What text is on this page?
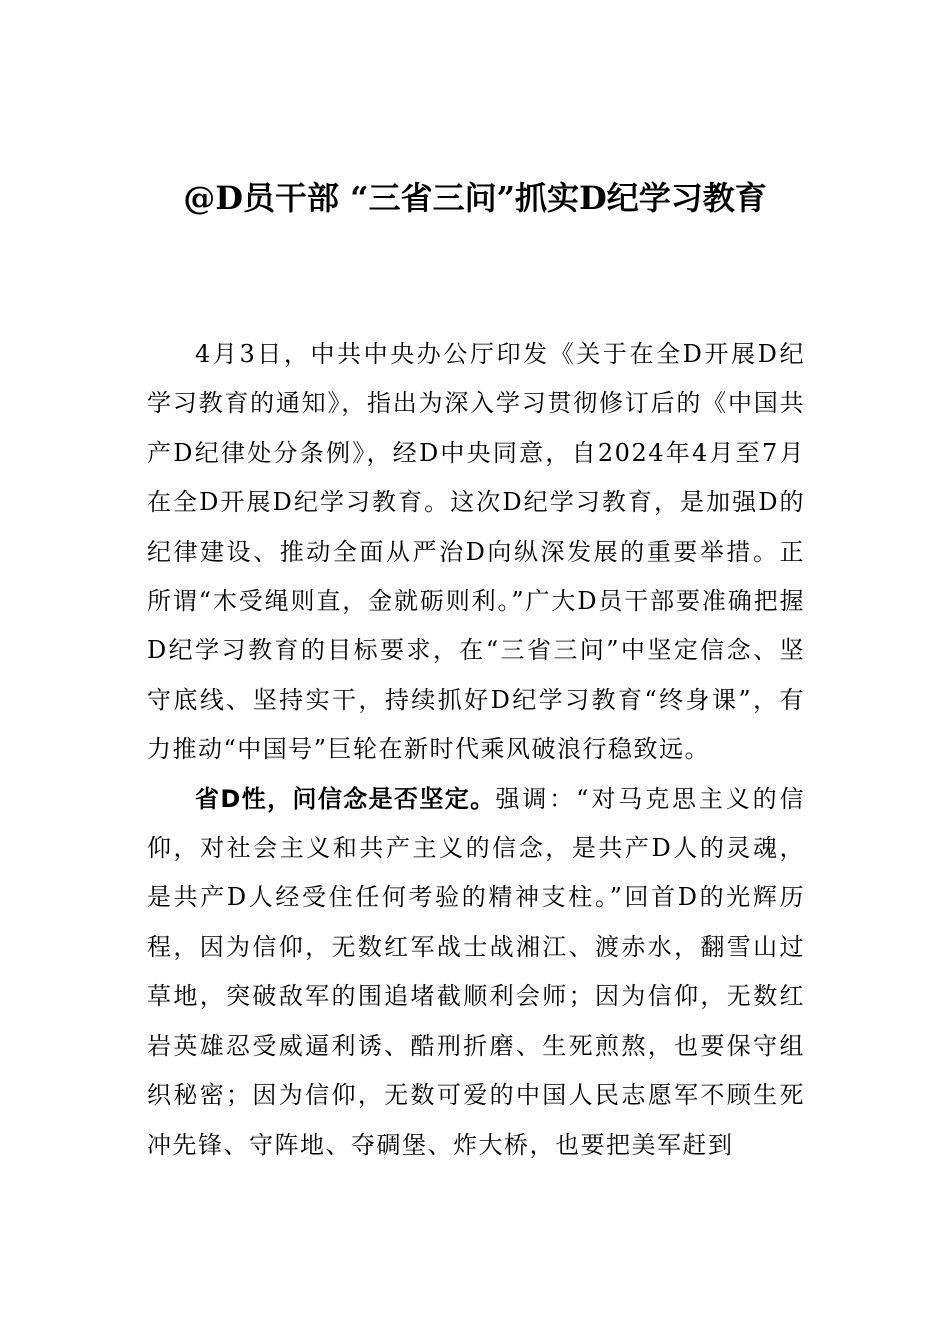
@D员干部 “三省三问”抓实D纪学习教育

4月3日，中共中央办公厅印发《关于在全D开展D纪学习教育的通知》，指出为深入学习贯彻修订后的《中国共产D纪律处分条例》，经D中央同意，自2024年4月至7月在全D开展D纪学习教育。这次D纪学习教育，是加强D的纪律建设、推动全面从严治D向纵深发展的重要举措。正所谓“木受绳则直，金就砺则利。”广大D员干部要准确把握D纪学习教育的目标要求，在“三省三问”中坚定信念、坚守底线、坚持实干，持续抓好D纪学习教育“终身课”，有力推动“中国号”巨轮在新时代乘风破浪行稳致远。

省D性，问信念是否坚定。强调：“对马克思主义的信仰，对社会主义和共产主义的信念，是共产D人的灵魂，是共产D人经受住任何考验的精神支柱。”回首D的光辉历程，因为信仰，无数红军战士战湘江、渡赤水，翻雪山过草地，突破敌军的围追堵截顺利会师；因为信仰，无数红岩英雄忍受威逼利诱、酷刑折磨、生死煎熬，也要保守组织秘密；因为信仰，无数可爱的中国人民志愿军不顾生死冲先锋、守阵地、夺碉堡、炸大桥，也要把美军赶到
